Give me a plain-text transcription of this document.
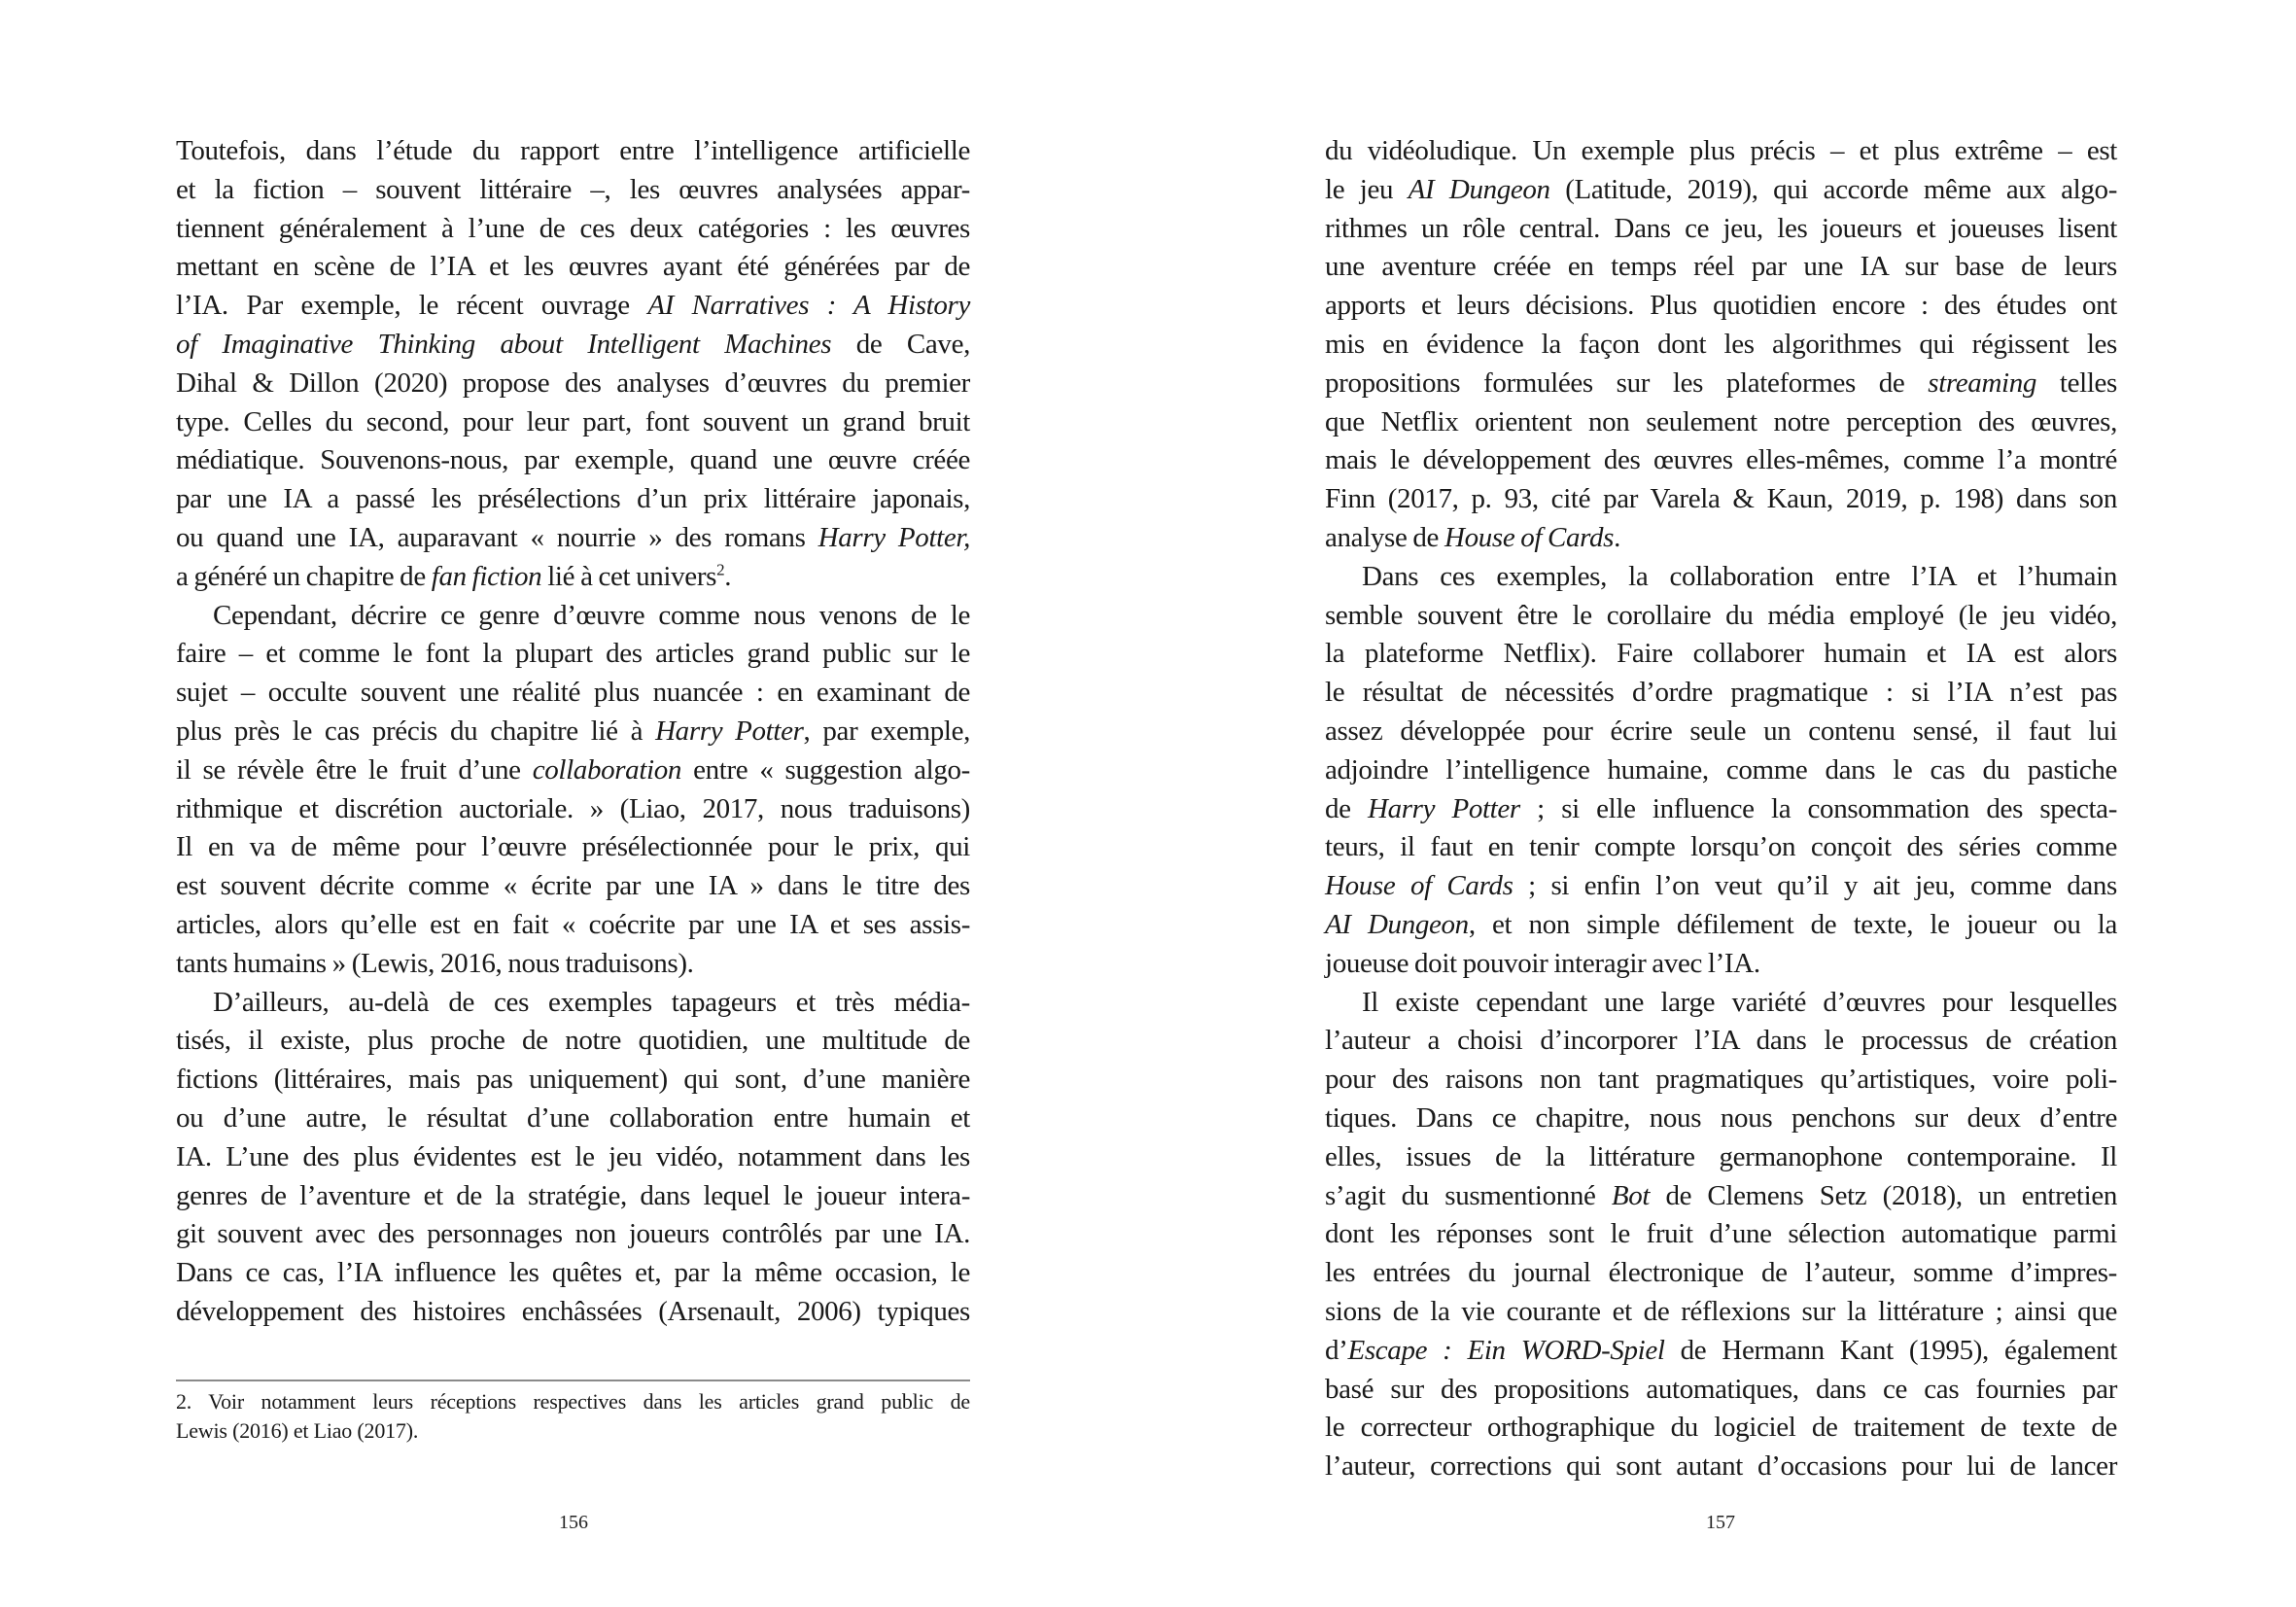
Toutefois, dans l’étude du rapport entre l’intelligence artificielle
et la fiction – souvent littéraire –, les œuvres analysées appar-
tiennent généralement à l’une de ces deux catégories : les œuvres
mettant en scène de l’IA et les œuvres ayant été générées par de
l’IA. Par exemple, le récent ouvrage AI Narratives : A History
of Imaginative Thinking about Intelligent Machines de Cave,
Dihal & Dillon (2020) propose des analyses d’œuvres du premier
type. Celles du second, pour leur part, font souvent un grand bruit
médiatique. Souvenons-nous, par exemple, quand une œuvre créée
par une IA a passé les présélections d’un prix littéraire japonais,
ou quand une IA, auparavant « nourrie » des romans Harry Potter,
a généré un chapitre de fan fiction lié à cet univers$^2$.
Cependant, décrire ce genre d’œuvre comme nous venons de le
faire – et comme le font la plupart des articles grand public sur le
sujet – occulte souvent une réalité plus nuancée : en examinant de
plus près le cas précis du chapitre lié à Harry Potter, par exemple,
il se révèle être le fruit d’une collaboration entre « suggestion algo-
rithmique et discrétion auctoriale. » (Liao, 2017, nous traduisons)
Il en va de même pour l’œuvre présélectionnée pour le prix, qui
est souvent décrite comme « écrite par une IA » dans le titre des
articles, alors qu’elle est en fait « coécrite par une IA et ses assis-
tants humains » (Lewis, 2016, nous traduisons).
D’ailleurs, au-delà de ces exemples tapageurs et très média-
tisés, il existe, plus proche de notre quotidien, une multitude de
fictions (littéraires, mais pas uniquement) qui sont, d’une manière
ou d’une autre, le résultat d’une collaboration entre humain et
IA. L’une des plus évidentes est le jeu vidéo, notamment dans les
genres de l’aventure et de la stratégie, dans lequel le joueur intera-
git souvent avec des personnages non joueurs contrôlés par une IA.
Dans ce cas, l’IA influence les quêtes et, par la même occasion, le
développement des histoires enchâssées (Arsenault, 2006) typiques
2. Voir notamment leurs réceptions respectives dans les articles grand public de
Lewis (2016) et Liao (2017).
156
du vidéoludique. Un exemple plus précis – et plus extrême – est
le jeu AI Dungeon (Latitude, 2019), qui accorde même aux algo-
rithmes un rôle central. Dans ce jeu, les joueurs et joueuses lisent
une aventure créée en temps réel par une IA sur base de leurs
apports et leurs décisions. Plus quotidien encore : des études ont
mis en évidence la façon dont les algorithmes qui régissent les
propositions formulées sur les plateformes de streaming telles
que Netflix orientent non seulement notre perception des œuvres,
mais le développement des œuvres elles-mêmes, comme l’a montré
Finn (2017, p. 93, cité par Varela & Kaun, 2019, p. 198) dans son
analyse de House of Cards.
Dans ces exemples, la collaboration entre l’IA et l’humain
semble souvent être le corollaire du média employé (le jeu vidéo,
la plateforme Netflix). Faire collaborer humain et IA est alors
le résultat de nécessités d’ordre pragmatique : si l’IA n’est pas
assez développée pour écrire seule un contenu sensé, il faut lui
adjoindre l’intelligence humaine, comme dans le cas du pastiche
de Harry Potter ; si elle influence la consommation des specta-
teurs, il faut en tenir compte lorsqu’on conçoit des séries comme
House of Cards ; si enfin l’on veut qu’il y ait jeu, comme dans
AI Dungeon, et non simple défilement de texte, le joueur ou la
joueuse doit pouvoir interagir avec l’IA.
Il existe cependant une large variété d’œuvres pour lesquelles
l’auteur a choisi d’incorporer l’IA dans le processus de création
pour des raisons non tant pragmatiques qu’artistiques, voire poli-
tiques. Dans ce chapitre, nous nous penchons sur deux d’entre
elles, issues de la littérature germanophone contemporaine. Il
s’agit du susmentionné Bot de Clemens Setz (2018), un entretien
dont les réponses sont le fruit d’une sélection automatique parmi
les entrées du journal électronique de l’auteur, somme d’impres-
sions de la vie courante et de réflexions sur la littérature ; ainsi que
d’Escape : Ein WORD-Spiel de Hermann Kant (1995), également
basé sur des propositions automatiques, dans ce cas fournies par
le correcteur orthographique du logiciel de traitement de texte de
l’auteur, corrections qui sont autant d’occasions pour lui de lancer
157
